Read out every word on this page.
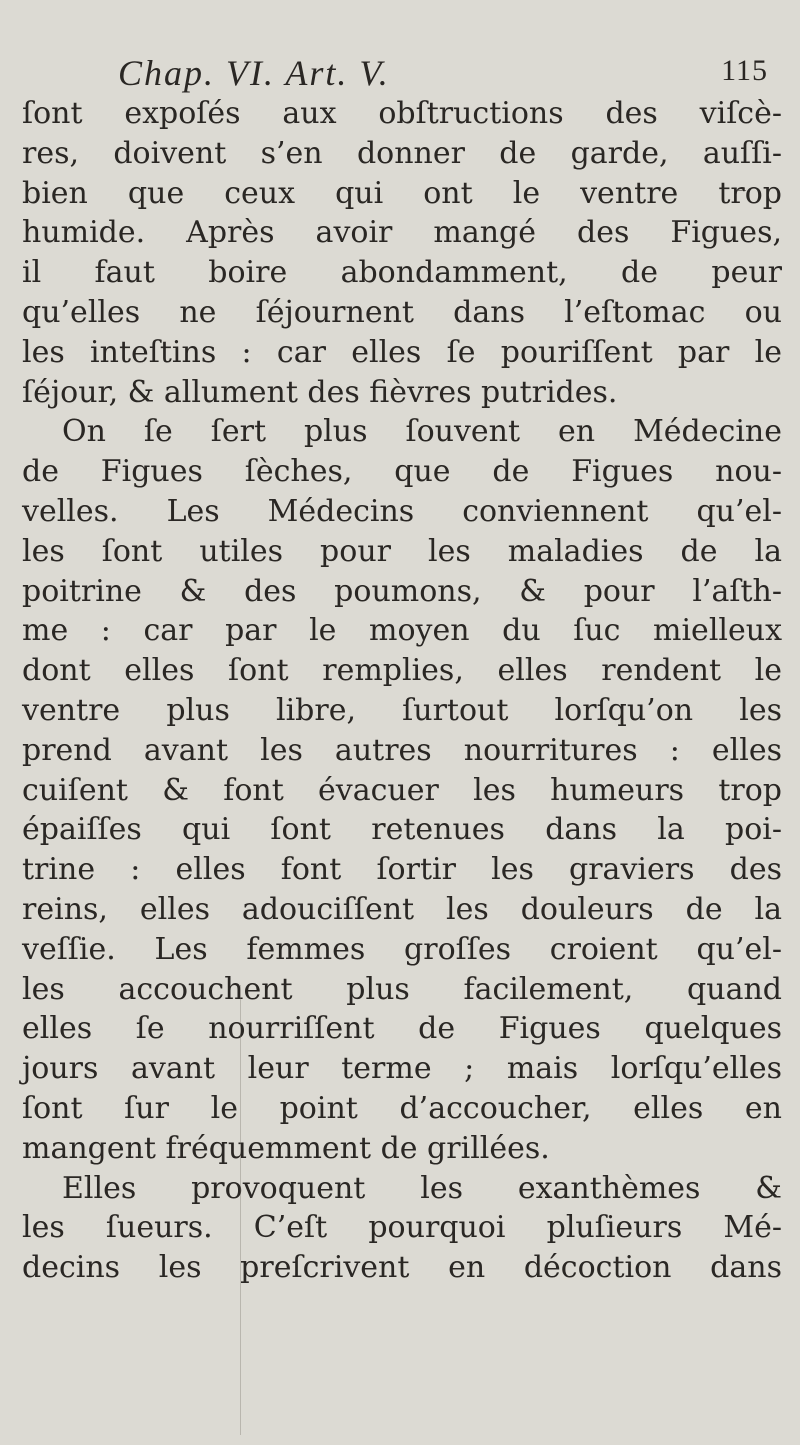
Chap. VI. Art. V.	115
ſont expoſés aux obſtructions des viſcè-
res, doivent s’en donner de garde, auſſi-
bien que ceux qui ont le ventre trop
humide. Après avoir mangé des Figues,
il faut boire abondamment, de peur
qu’elles ne ſéjournent dans l’eſtomac ou
les inteſtins : car elles ſe pouriſſent par le
ſéjour, & allument des fièvres putrides.
On ſe ſert plus ſouvent en Médecine
de Figues ſèches, que de Figues nou-
velles. Les Médecins conviennent qu’el-
les ſont utiles pour les maladies de la
poitrine & des poumons, & pour l’aſth-
me : car par le moyen du ſuc mielleux
dont elles ſont remplies, elles rendent le
ventre plus libre, ſurtout lorſqu’on les
prend avant les autres nourritures : elles
cuiſent & font évacuer les humeurs trop
épaiſſes qui ſont retenues dans la poi-
trine : elles font ſortir les graviers des
reins, elles adouciſſent les douleurs de la
veſſie. Les femmes groſſes croient qu’el-
les accouchent plus facilement, quand
elles ſe nourriſſent de Figues quelques
jours avant leur terme ; mais lorſqu’elles
ſont ſur le point d’accoucher, elles en
mangent fréquemment de grillées.
Elles provoquent les exanthèmes &
les ſueurs. C’eſt pourquoi pluſieurs Mé-
decins les preſcrivent en décoction dans
